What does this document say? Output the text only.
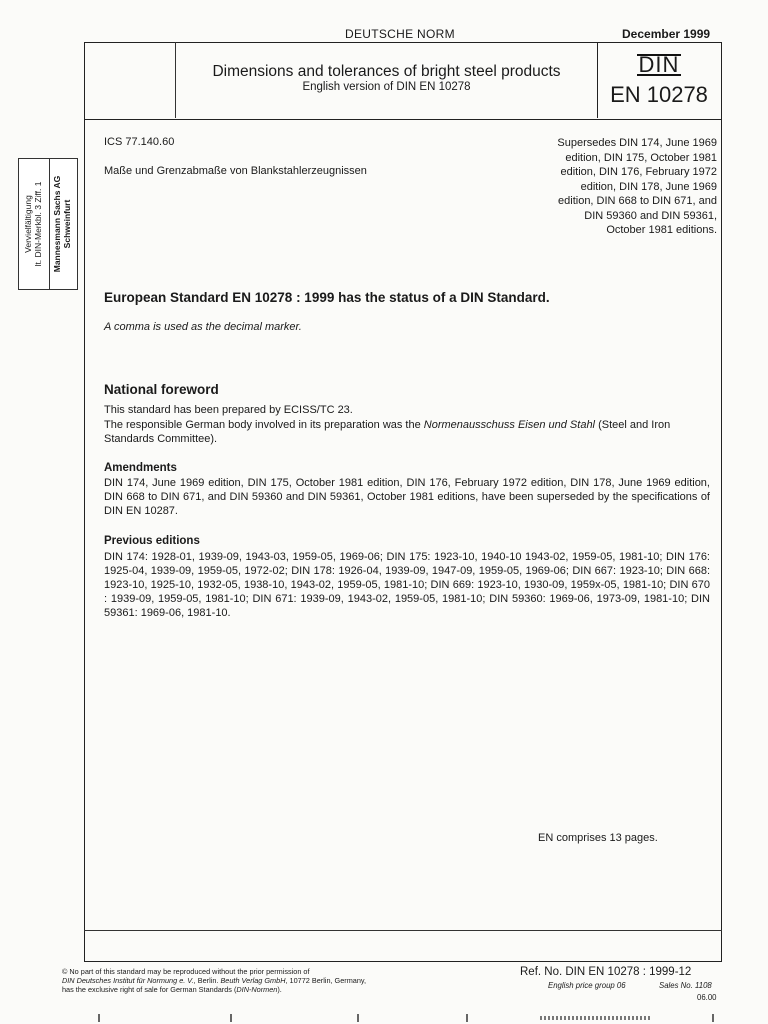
DEUTSCHE NORM	December 1999
Dimensions and tolerances of bright steel products
English version of DIN EN 10278
DIN
EN 10278
ICS 77.140.60
Maße und Grenzabmaße von Blankstahlerzeugnissen
Supersedes DIN 174, June 1969
edition, DIN 175, October 1981
edition, DIN 176, February 1972
edition, DIN 178, June 1969
edition, DIN 668 to DIN 671, and
DIN 59360 and DIN 59361,
October 1981 editions.
Vervielfältigung lt. DIN-Merkbl. 3 Ziff. 1 Mannesmann Sachs AG Schweinfurt
European Standard EN 10278 : 1999 has the status of a DIN Standard.
A comma is used as the decimal marker.
National foreword
This standard has been prepared by ECISS/TC 23.
The responsible German body involved in its preparation was the Normenausschuss Eisen und Stahl (Steel and Iron Standards Committee).
Amendments
DIN 174, June 1969 edition, DIN 175, October 1981 edition, DIN 176, February 1972 edition, DIN 178, June 1969 edition, DIN 668 to DIN 671, and DIN 59360 and DIN 59361, October 1981 editions, have been superseded by the specifications of DIN EN 10287.
Previous editions
DIN 174: 1928-01, 1939-09, 1943-03, 1959-05, 1969-06; DIN 175: 1923-10, 1940-10 1943-02, 1959-05, 1981-10; DIN 176: 1925-04, 1939-09, 1959-05, 1972-02; DIN 178: 1926-04, 1939-09, 1947-09, 1959-05, 1969-06; DIN 667: 1923-10; DIN 668: 1923-10, 1925-10, 1932-05, 1938-10, 1943-02, 1959-05, 1981-10; DIN 669: 1923-10, 1930-09, 1959x-05, 1981-10; DIN 670 : 1939-09, 1959-05, 1981-10; DIN 671: 1939-09, 1943-02, 1959-05, 1981-10; DIN 59360: 1969-06, 1973-09, 1981-10; DIN 59361: 1969-06, 1981-10.
EN comprises 13 pages.
© No part of this standard may be reproduced without the prior permission of
DIN Deutsches Institut für Normung e. V., Berlin. Beuth Verlag GmbH, 10772 Berlin, Germany,
has the exclusive right of sale for German Standards (DIN-Normen).
Ref. No. DIN EN 10278 : 1999-12
English price group 06	Sales No. 1108
06.00
